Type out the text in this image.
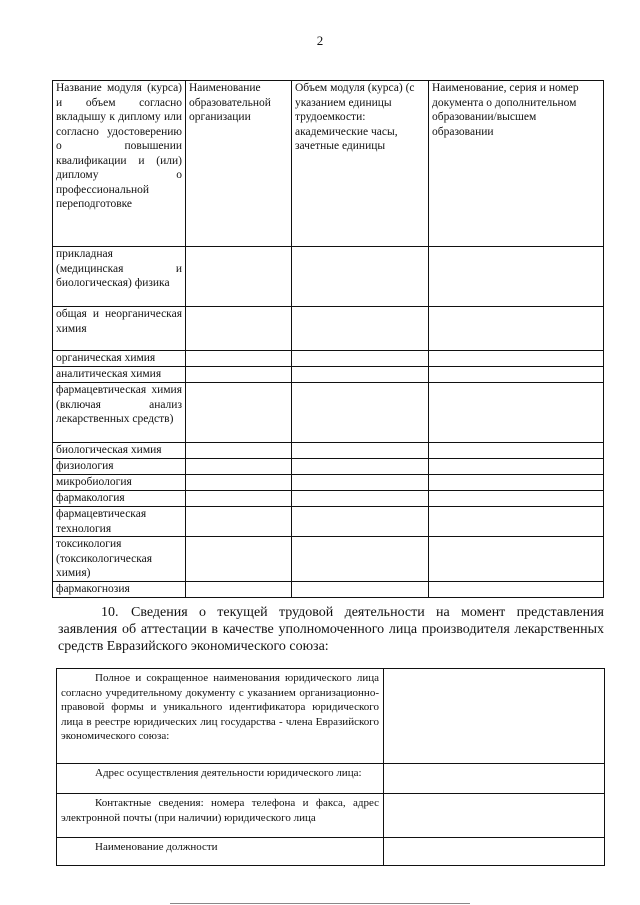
2
Название модуля (курса) и объем согласно вкладышу к диплому или согласно удостоверению о повышении квалификации и (или) диплому о профессиональной переподготовке	Наименование образовательной организации	Объем модуля (курса) (с указанием единицы трудоемкости: академические часы, зачетные единицы	Наименование, серия и номер документа о дополнительном образовании/высшем образовании
прикладная (медицинская и биологическая) физика			
общая и неорганическая химия			
органическая химия			
аналитическая химия			
фармацевтическая химия (включая анализ лекарственных средств)			
биологическая химия			
физиология			
микробиология			
фармакология			
фармацевтическая технология			
токсикология (токсикологическая химия)			
фармакогнозия			
10. Сведения о текущей трудовой деятельности на момент представления заявления об аттестации в качестве уполномоченного лица производителя лекарственных средств Евразийского экономического союза:
Полное и сокращенное наименования юридического лица согласно учредительному документу с указанием организационно-правовой формы и уникального идентификатора юридического лица в реестре юридических лиц государства - члена Евразийского экономического союза:	
Адрес осуществления деятельности юридического лица:	
Контактные сведения: номера телефона и факса, адрес электронной почты (при наличии) юридического лица	
Наименование должности	
